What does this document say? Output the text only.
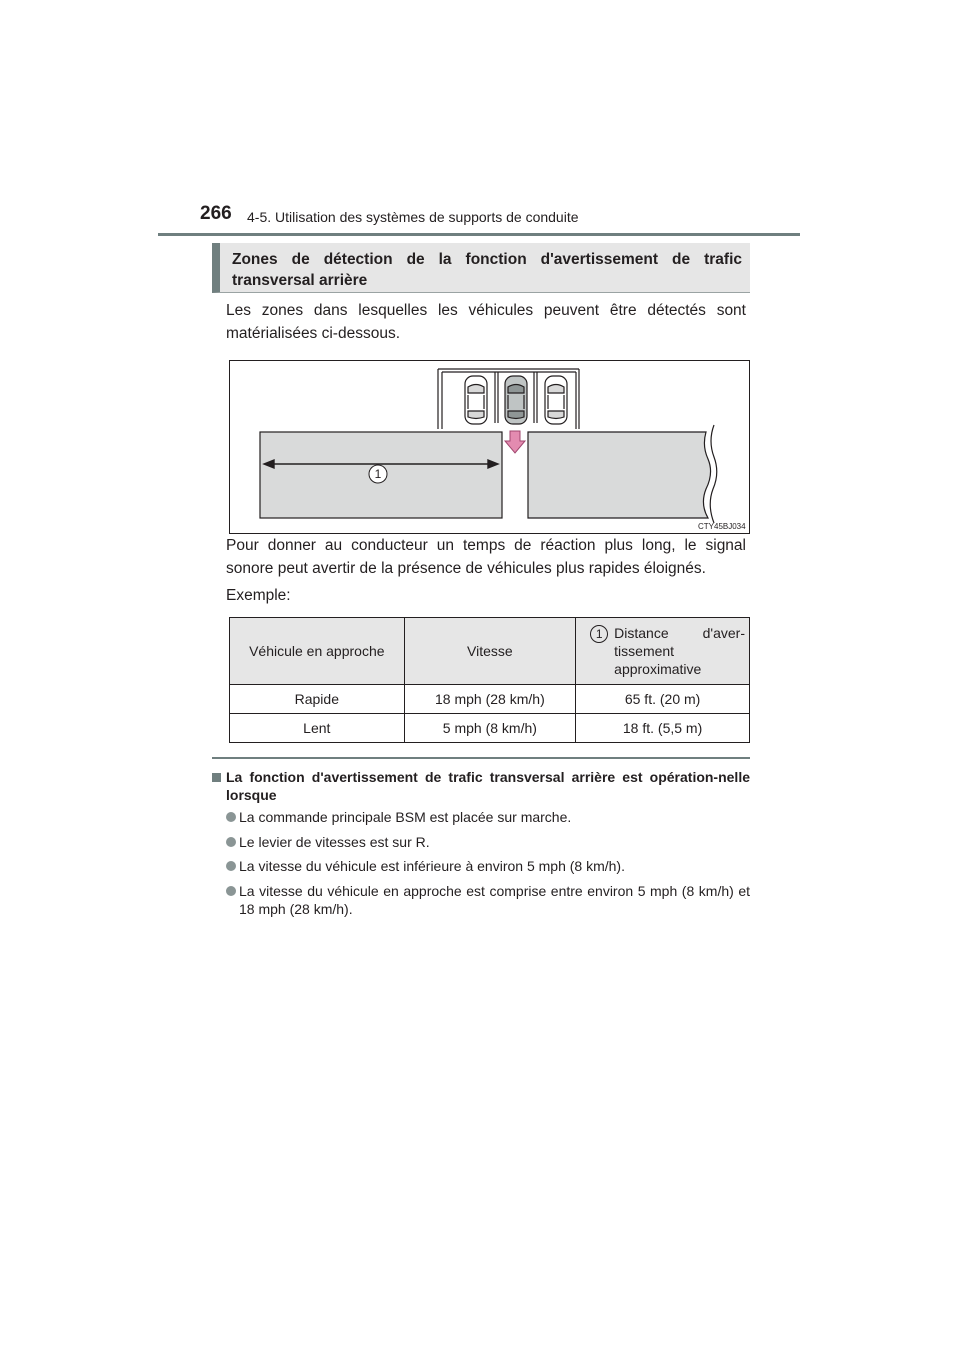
266 4-5. Utilisation des systèmes de supports de conduite
Zones de détection de la fonction d'avertissement de trafic transversal arrière
Les zones dans lesquelles les véhicules peuvent être détectés sont matérialisées ci-dessous.
1
CTY45BJ034
Pour donner au conducteur un temps de réaction plus long, le signal sonore peut avertir de la présence de véhicules plus rapides éloignés.
Exemple:
Véhicule en approche	Vitesse	1 Distance d'aver-tissement approximative

Rapide	18 mph (28 km/h)	65 ft. (20 m)
Lent	5 mph (8 km/h)	18 ft. (5,5 m)
La fonction d'avertissement de trafic transversal arrière est opération-nelle lorsque
La commande principale BSM est placée sur marche.
Le levier de vitesses est sur R.
La vitesse du véhicule est inférieure à environ 5 mph (8 km/h).
La vitesse du véhicule en approche est comprise entre environ 5 mph (8 km/h) et 18 mph (28 km/h).
